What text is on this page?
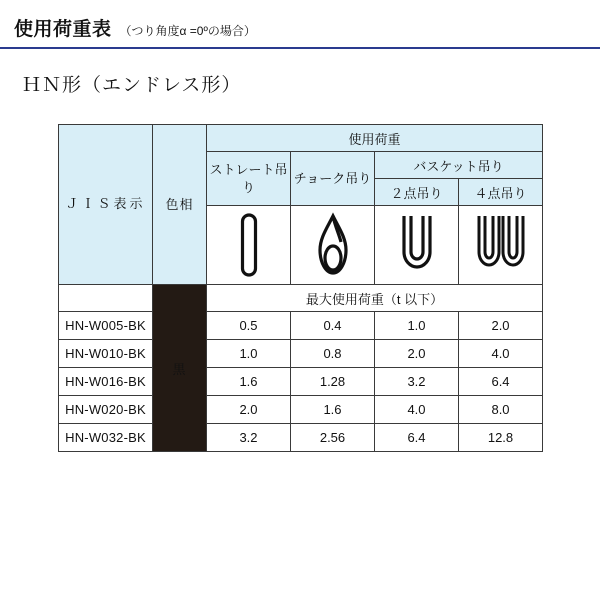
使用荷重表 （つり角度α =0ºの場合）
ＨＮ形（エンドレス形）
ＪＩＳ表示	色相	使用荷重			
		ストレート吊り	チョーク吊り	バスケット吊り	
				２点吊り	４点吊り

	黒	最大使用荷重（t 以下）			
HN-W005-BK		0.5	0.4	1.0	2.0
HN-W010-BK		1.0	0.8	2.0	4.0
HN-W016-BK		1.6	1.28	3.2	6.4
HN-W020-BK		2.0	1.6	4.0	8.0
HN-W032-BK		3.2	2.56	6.4	12.8
